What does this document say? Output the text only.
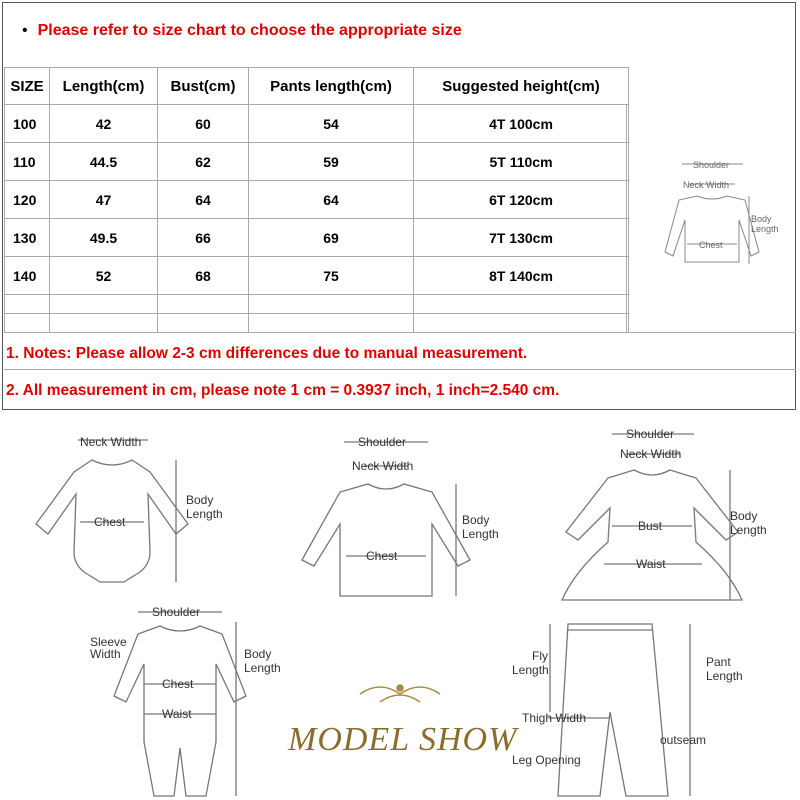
• Please refer to size chart to choose the appropriate size
SIZE	Length(cm)	Bust(cm)	Pants length(cm)	Suggested height(cm)
100	42	60	54	4T 100cm
110	44.5	62	59	5T 110cm
120	47	64	64	6T 120cm
130	49.5	66	69	7T 130cm
140	52	68	75	8T 140cm

Shoulder
Neck Width
Chest
Body
Length
1. Notes: Please allow 2-3 cm differences due to manual measurement.
2. All measurement in cm, please note 1 cm = 0.3937 inch, 1 inch=2.540 cm.
Neck Width
Chest
Body
Length
Shoulder
Neck Width
Chest
Body
Length
Shoulder
Neck Width
Bust
Waist
Body
Length
Shoulder
Sleeve
Width
Chest
Waist
Body
Length
Fly
Length
Pant
Length
Thigh Width
outseam
Leg Opening
MODEL SHOW
